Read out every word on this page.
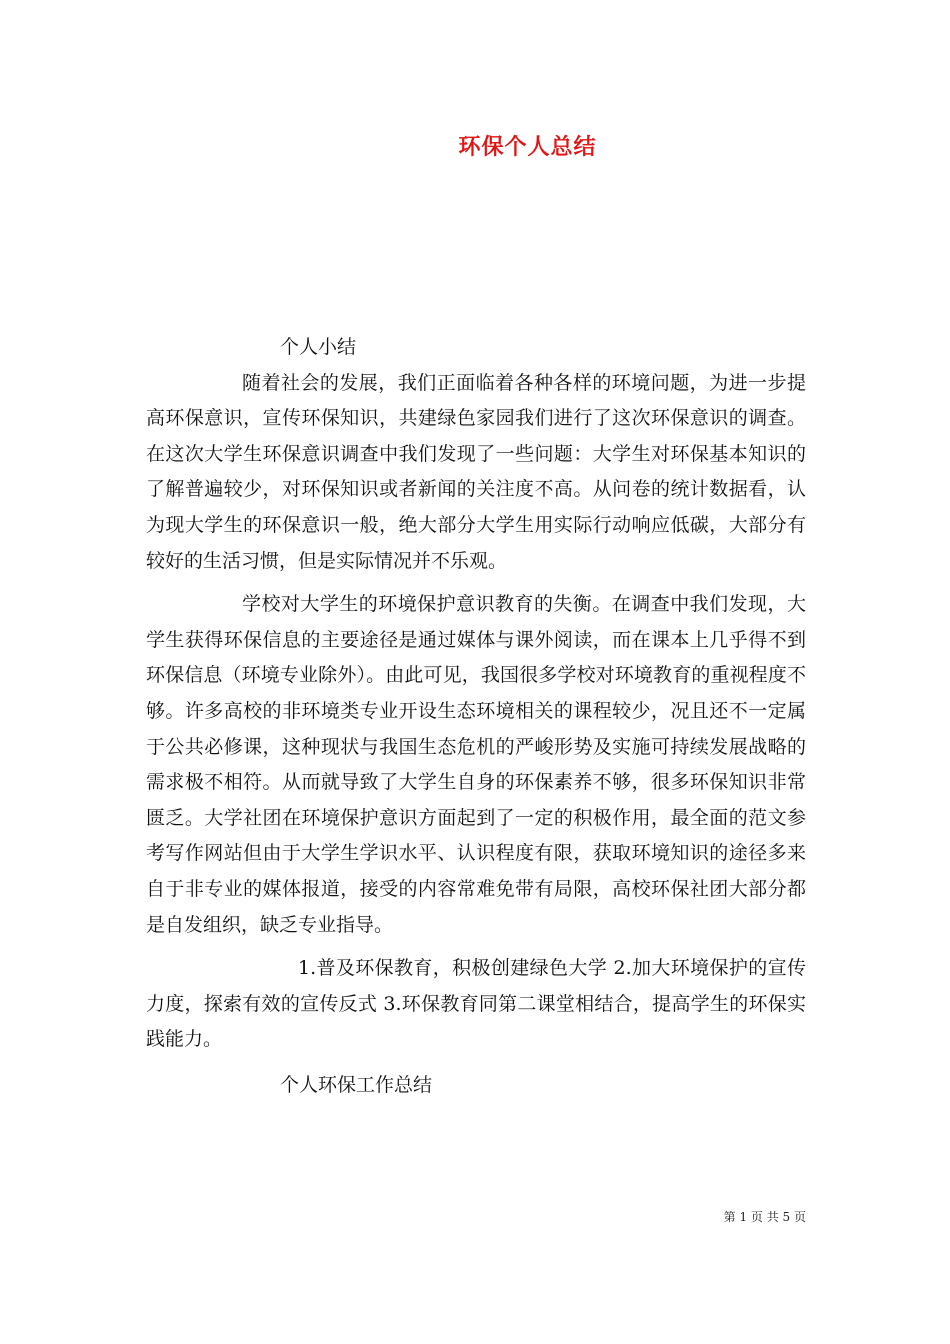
环保个人总结

个人小结

随着社会的发展，我们正面临着各种各样的环境问题，为进一步提高环保意识，宣传环保知识，共建绿色家园我们进行了这次环保意识的调查。在这次大学生环保意识调查中我们发现了一些问题：大学生对环保基本知识的了解普遍较少，对环保知识或者新闻的关注度不高。从问卷的统计数据看，认为现大学生的环保意识一般，绝大部分大学生用实际行动响应低碳，大部分有较好的生活习惯，但是实际情况并不乐观。

学校对大学生的环境保护意识教育的失衡。在调查中我们发现，大学生获得环保信息的主要途径是通过媒体与课外阅读，而在课本上几乎得不到环保信息（环境专业除外）。由此可见，我国很多学校对环境教育的重视程度不够。许多高校的非环境类专业开设生态环境相关的课程较少，况且还不一定属于公共必修课，这种现状与我国生态危机的严峻形势及实施可持续发展战略的需求极不相符。从而就导致了大学生自身的环保素养不够，很多环保知识非常匮乏。大学社团在环境保护意识方面起到了一定的积极作用，最全面的范文参考写作网站但由于大学生学识水平、认识程度有限，获取环境知识的途径多来自于非专业的媒体报道，接受的内容常难免带有局限，高校环保社团大部分都是自发组织，缺乏专业指导。

1.普及环保教育，积极创建绿色大学 2.加大环境保护的宣传力度，探索有效的宣传反式 3.环保教育同第二课堂相结合，提高学生的环保实践能力。

个人环保工作总结

第 1 页 共 5 页
